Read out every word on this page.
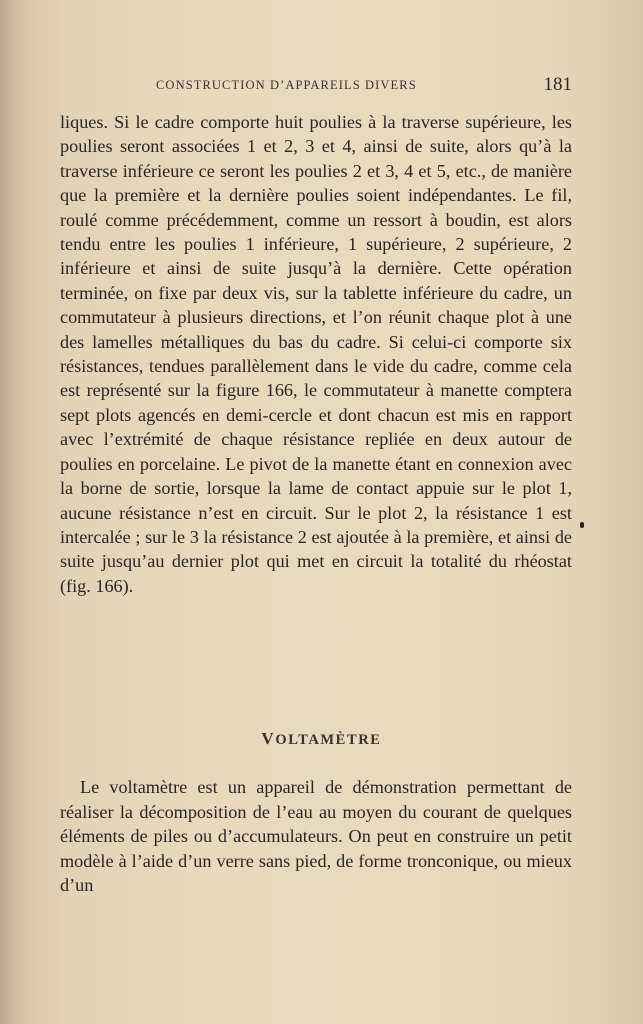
CONSTRUCTION D’APPAREILS DIVERS	181

liques. Si le cadre comporte huit poulies à la traverse supérieure, les poulies seront associées 1 et 2, 3 et 4, ainsi de suite, alors qu’à la traverse inférieure ce seront les poulies 2 et 3, 4 et 5, etc., de manière que la première et la dernière poulies soient indépendantes. Le fil, roulé comme précédemment, comme un ressort à boudin, est alors tendu entre les poulies 1 inférieure, 1 supérieure, 2 supérieure, 2 inférieure et ainsi de suite jusqu’à la dernière. Cette opération terminée, on fixe par deux vis, sur la tablette inférieure du cadre, un commutateur à plusieurs directions, et l’on réunit chaque plot à une des lamelles métalliques du bas du cadre. Si celui-ci comporte six résistances, tendues parallèlement dans le vide du cadre, comme cela est représenté sur la figure 166, le commutateur à manette comptera sept plots agencés en demi-cercle et dont chacun est mis en rapport avec l’extrémité de chaque résistance repliée en deux autour de poulies en porcelaine. Le pivot de la manette étant en connexion avec la borne de sortie, lorsque la lame de contact appuie sur le plot 1, aucune résistance n’est en circuit. Sur le plot 2, la résistance 1 est intercalée ; sur le 3 la résistance 2 est ajoutée à la première, et ainsi de suite jusqu’au dernier plot qui met en circuit la totalité du rhéostat (fig. 166).

VOLTAMÈTRE

Le voltamètre est un appareil de démonstration permettant de réaliser la décomposition de l’eau au moyen du courant de quelques éléments de piles ou d’accumulateurs. On peut en construire un petit modèle à l’aide d’un verre sans pied, de forme tronconique, ou mieux d’un
